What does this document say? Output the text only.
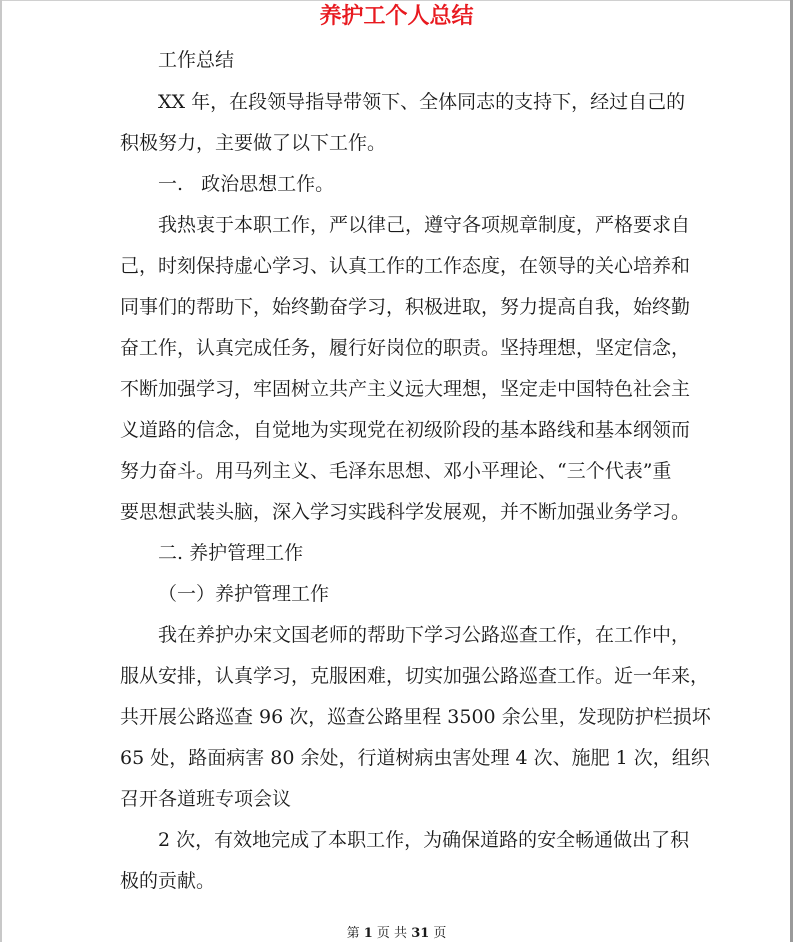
养护工个人总结
工作总结
XX 年，在段领导指导带领下、全体同志的支持下，经过自己的
积极努力，主要做了以下工作。
一.   政治思想工作。
我热衷于本职工作，严以律己，遵守各项规章制度，严格要求自
己，时刻保持虚心学习、认真工作的工作态度，在领导的关心培养和
同事们的帮助下，始终勤奋学习，积极进取，努力提高自我，始终勤
奋工作，认真完成任务，履行好岗位的职责。坚持理想，坚定信念，
不断加强学习，牢固树立共产主义远大理想，坚定走中国特色社会主
义道路的信念，自觉地为实现党在初级阶段的基本路线和基本纲领而
努力奋斗。用马列主义、毛泽东思想、邓小平理论、“三个代表”重
要思想武装头脑，深入学习实践科学发展观，并不断加强业务学习。
二. 养护管理工作
（一）养护管理工作
我在养护办宋文国老师的帮助下学习公路巡查工作，在工作中，
服从安排，认真学习，克服困难，切实加强公路巡查工作。近一年来，
共开展公路巡查 96 次，巡查公路里程 3500 余公里，发现防护栏损坏
65 处，路面病害 80 余处，行道树病虫害处理 4 次、施肥 1 次，组织
召开各道班专项会议
2 次，有效地完成了本职工作，为确保道路的安全畅通做出了积
极的贡献。
第 1 页 共 31 页
